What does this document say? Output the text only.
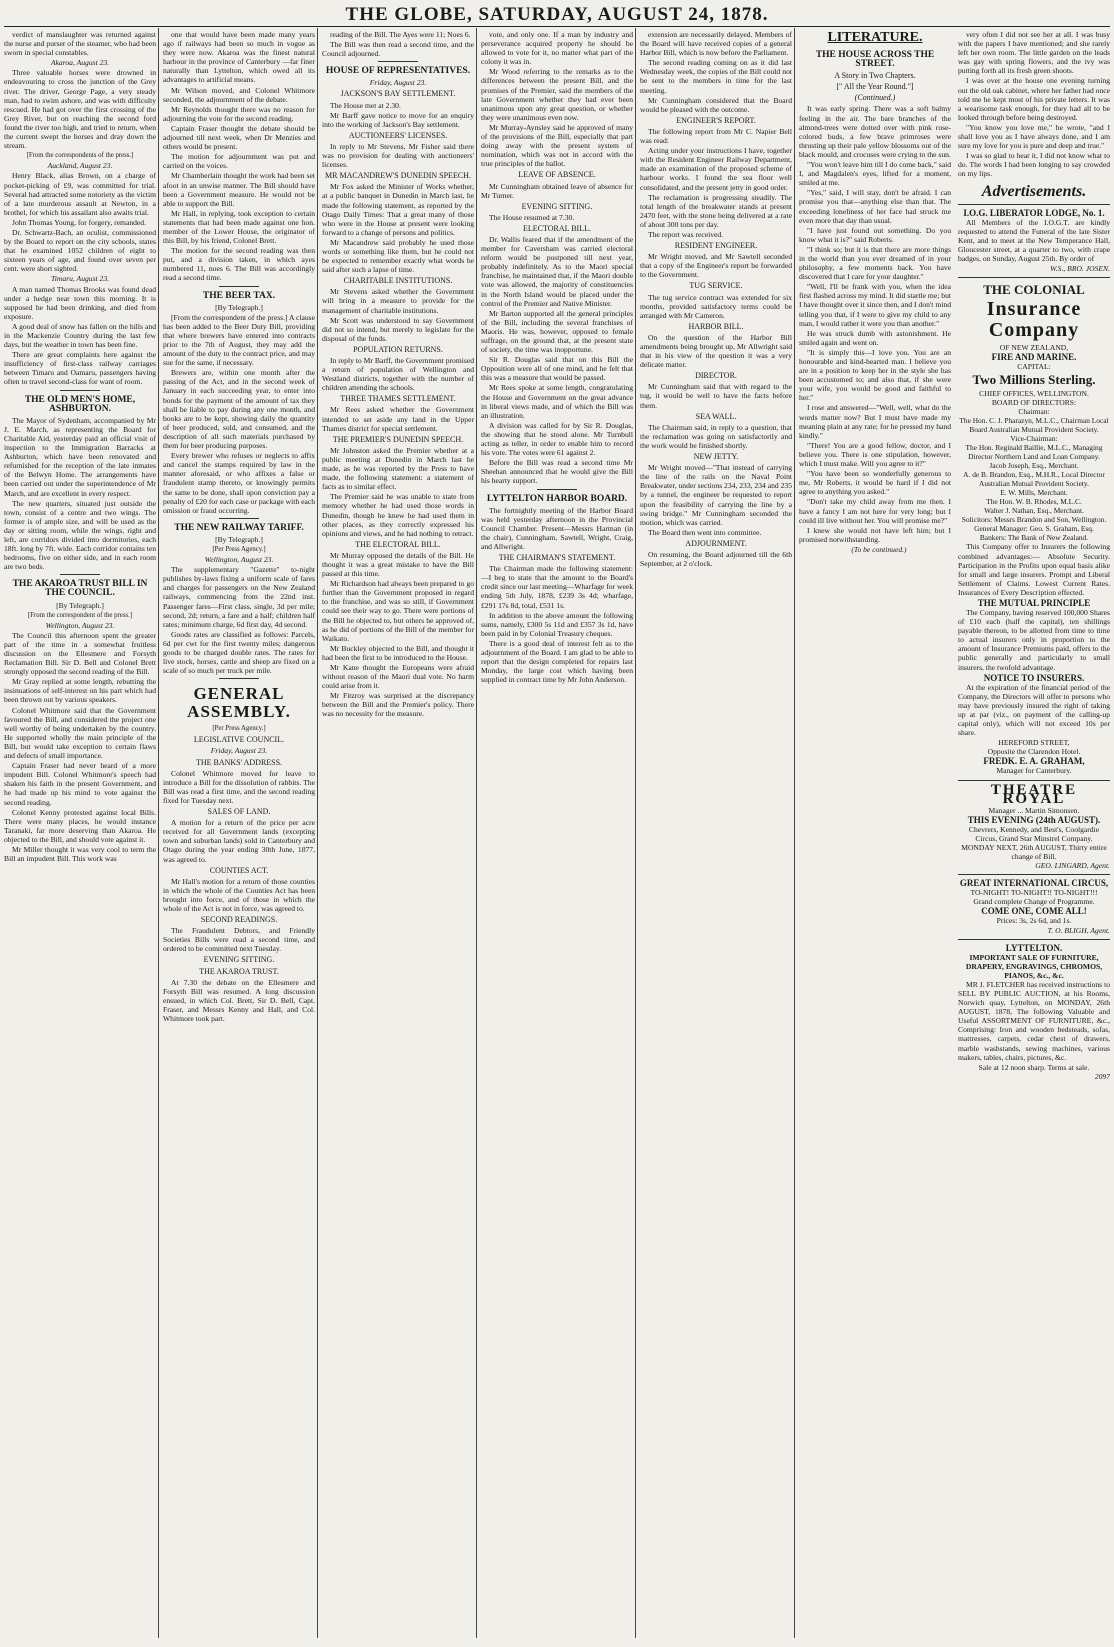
THE GLOBE, SATURDAY, AUGUST 24, 1878.

verdict of manslaughter was returned against the nurse and purser of the steamer, who had been sworn in special constables.

Akaroa, August 23.

Three valuable horses were drowned in endeavouring to cross the junction of the Grey river. The driver, George Page, a very steady man, had to swim ashore, and was with difficulty rescued. He had got over the first crossing of the Grey River, but on reaching the second ford found the river too high, and tried to return, when the current swept the horses and dray down the stream.

[From the correspondents of the press.]

Auckland, August 23.

Henry Black, alias Brown, on a charge of pocket-picking of £9, was committed for trial. Several had attracted some notoriety as the victim of a late murderous assault at Newton, in a brothel, for which his assailant also awaits trial.

John Thomas Young, for forgery, remanded.

Dr. Schwartz-Bach, an oculist, commissioned by the Board to report on the city schools, states that he examined 1052 children of eight to sixteen years of age, and found over seven per cent. were short sighted.

Timaru, August 23.

A man named Thomas Brooks was found dead under a hedge near town this morning. It is supposed he had been drinking, and died from exposure.

A good deal of snow has fallen on the hills and in the Mackenzie Country during the last few days, but the weather in town has been fine.

There are great complaints here against the insufficiency of first-class railway carriages between Timaru and Oamaru, passengers having often to travel second-class for want of room.

THE OLD MEN'S HOME, ASHBURTON.

The Mayor of Sydenham, accompanied by Mr J. E. March, as representing the Board for Charitable Aid, yesterday paid an official visit of inspection to the Immigration Barracks at Ashburton, which have been renovated and refurnished for the reception of the late inmates of the Belwyn Home. The arrangements have been carried out under the superintendence of Mr March, and are excellent in every respect.

The new quarters, situated just outside the town, consist of a centre and two wings. The former is of ample size, and will be used as the day or sitting room, while the wings, right and left, are corridors divided into dormitories, each 18ft. long by 7ft. wide. Each corridor contains ten bedrooms, five on either side, and in each room are two beds.

THE AKAROA TRUST BILL IN THE COUNCIL.

[By Telegraph.]

[From the correspondent of the press.]

Wellington, August 23.

The Council this afternoon spent the greater part of the time in a somewhat fruitless discussion on the Ellesmere and Forsyth Reclamation Bill. Sir D. Bell and Colonel Brett strongly opposed the second reading of the Bill.

Mr Gray replied at some length, rebutting the insinuations of self-interest on his part which had been thrown out by various speakers.

Colonel Whitmore said that the Government favoured the Bill, and considered the project one well worthy of being undertaken by the country. He supported wholly the main principle of the Bill, but would take exception to certain flaws and defects of small importance.

Captain Fraser had never heard of a more impudent Bill. Colonel Whitmore's speech had shaken his faith in the present Government, and he had made up his mind to vote against the second reading.

Colonel Kenny protested against local Bills. There were many places, he would instance Taranaki, far more deserving than Akaroa. He objected to the Bill, and should vote against it.

Mr Miller thought it was very cool to term the Bill an impudent Bill. This work was

one that would have been made many years ago if railways had been so much in vogue as they were now. Akaroa was the finest natural harbour in the province of Canterbury —far finer naturally than Lyttelton, which owed all its advantages to artificial means.

Mr Wilson moved, and Colonel Whitmore seconded, the adjournment of the debate.

Mr Reynolds thought there was no reason for adjourning the vote for the second reading.

Captain Fraser thought the debate should be adjourned till next week, when Dr Menzies and others would be present.

The motion for adjournment was put and carried on the voices.

Mr Chamberlain thought the work had been set afoot in an unwise manner. The Bill should have been a Government measure. He would not be able to support the Bill.

Mr Hall, in replying, took exception to certain statements that had been made against one hon. member of the Lower House, the originator of this Bill, by his friend, Colonel Brett.

The motion for the second reading was then put, and a division taken, in which ayes numbered 11, noes 6. The Bill was accordingly read a second time.

THE BEER TAX.

[By Telegraph.]

[From the correspondent of the press.] A clause has been added to the Beer Duty Bill, providing that where brewers have entered into contracts prior to the 7th of August, they may add the amount of the duty to the contract price, and may sue for the same, if necessary.

Brewers are, within one month after the passing of the Act, and in the second week of January in each succeeding year, to enter into bonds for the payment of the amount of tax they shall be liable to pay during any one month, and books are to be kept, showing daily the quantity of beer produced, sold, and consumed, and the description of all such materials purchased by them for beer producing purposes.

Every brewer who refuses or neglects to affix and cancel the stamps required by law in the manner aforesaid, or who affixes a false or fraudulent stamp thereto, or knowingly permits the same to be done, shall upon conviction pay a penalty of £20 for each case or package with each omission or fraud occurring.

THE NEW RAILWAY TARIFF.

[By Telegraph.]

[Per Press Agency.]

Wellington, August 23.

The supplementary "Gazette" to-night publishes by-laws fixing a uniform scale of fares and charges for passengers on the New Zealand railways, commencing from the 22nd inst. Passenger fares—First class, single, 3d per mile; second, 2d; return, a fare and a half; children half rates; minimum charge, 6d first day, 4d second.

Goods rates are classified as follows: Parcels, 6d per cwt for the first twenty miles; dangerous goods to be charged double rates. The rates for live stock, horses, cattle and sheep are fixed on a scale of so much per truck per mile.

GENERAL ASSEMBLY.

[Per Press Agency.]

LEGISLATIVE COUNCIL.

Friday, August 23.

THE BANKS' ADDRESS.

Colonel Whitmore moved for leave to introduce a Bill for the dissolution of rabbits. The Bill was read a first time, and the second reading fixed for Tuesday next.

SALES OF LAND.

A motion for a return of the price per acre received for all Government lands (excepting town and suburban lands) sold in Canterbury and Otago during the year ending 30th June, 1877, was agreed to.

COUNTIES ACT.

Mr Hall's motion for a return of those counties in which the whole of the Counties Act has been brought into force, and of those in which the whole of the Act is not in force, was agreed to.

SECOND READINGS.

The Fraudulent Debtors, and Friendly Societies Bills were read a second time, and ordered to be committed next Tuesday.

EVENING SITTING.
THE AKAROA TRUST.

At 7.30 the debate on the Ellesmere and Forsyth Bill was resumed. A long discussion ensued, in which Col. Brett, Sir D. Bell, Capt. Fraser, and Messrs Kenny and Hall, and Col. Whitmore took part.

reading of the Bill. The Ayes were 11; Noes 6.

The Bill was then read a second time, and the Council adjourned.

HOUSE OF REPRESENTATIVES.

Friday, August 23.

JACKSON'S BAY SETTLEMENT.

The House met at 2.30.

Mr Barff gave notice to move for an enquiry into the working of Jackson's Bay settlement.

AUCTIONEERS' LICENSES.

In reply to Mr Stevens, Mr Fisher said there was no provision for dealing with auctioneers' licenses.

MR MACANDREW'S DUNEDIN SPEECH.

Mr Fox asked the Minister of Works whether, at a public banquet in Dunedin in March last, he made the following statement, as reported by the Otago Daily Times: That a great many of those who were in the House at present were looking forward to a change of persons and politics.

Mr Macandrew said probably he used those words or something like them, but he could not be expected to remember exactly what words he said after such a lapse of time.

CHARITABLE INSTITUTIONS.

Mr Stevens asked whether the Government will bring in a measure to provide for the management of charitable institutions.

Mr Scott was understood to say Government did not so intend, but merely to legislate for the disposal of the funds.

POPULATION RETURNS.

In reply to Mr Barff, the Government promised a return of population of Wellington and Westland districts, together with the number of children attending the schools.

THREE THAMES SETTLEMENT.

Mr Rees asked whether the Government intended to set aside any land in the Upper Thames district for special settlement.

THE PREMIER'S DUNEDIN SPEECH.

Mr Johnston asked the Premier whether at a public meeting at Dunedin in March last he made, as he was reported by the Press to have made, the following statement: a statement of facts as to similar effect.

The Premier said he was unable to state from memory whether he had used those words in Dunedin, though he knew he had used them in other places, as they correctly expressed his opinions and views, and he had nothing to retract.

THE ELECTORAL BILL.

Mr Murray opposed the details of the Bill. He thought it was a great mistake to have the Bill passed at this time.

Mr Richardson had always been prepared to go further than the Government proposed in regard to the franchise, and was so still, if Government could see their way to go. There were portions of the Bill he objected to, but others he approved of, as he did of portions of the Bill of the member for Waikato.

Mr Buckley objected to the Bill, and thought it had been the first to be introduced to the House.

Mr Kane thought the Europeans were afraid without reason of the Maori dual vote. No harm could arise from it.

Mr Fitzroy was surprised at the discrepancy between the Bill and the Premier's policy. There was no necessity for the measure.

vote, and only one. If a man by industry and perseverance acquired property he should be allowed to vote for it, no matter what part of the colony it was in.

Mr Wood referring to the remarks as to the differences between the present Bill, and the promises of the Premier, said the members of the late Government whether they had ever been unanimous upon any great question, or whether they were unanimous even now.

Mr Murray-Aynsley said he approved of many of the provisions of the Bill, especially that part doing away with the present system of nomination, which was not in accord with the true principles of the ballot.

LEAVE OF ABSENCE.

Mr Cunningham obtained leave of absence for Mr Turner.

EVENING SITTING.

The House resumed at 7.30.

ELECTORAL BILL.

Dr. Wallis feared that if the amendment of the member for Caversham was carried electoral reform would be postponed till next year, probably indefinitely. As to the Maori special franchise, he maintained that, if the Maori double vote was allowed, the majority of constituencies in the North Island would be placed under the control of the Premier and Native Minister.

Mr Barton supported all the general principles of the Bill, including the several franchises of Maoris. He was, however, opposed to female suffrage, on the ground that, at the present state of society, the time was inopportune.

Sir R. Douglas said that on this Bill the Opposition were all of one mind, and he felt that this was a measure that would be passed.

Mr Rees spoke at some length, congratulating the House and Government on the great advance in liberal views made, and of which the Bill was an illustration.

A division was called for by Sir R. Douglas, the showing that he stood alone. Mr Turnbull acting as teller, in order to enable him to record his vote. The votes were 61 against 2.

Before the Bill was read a second time Mr Sheehan announced that he would give the Bill his hearty support.

LYTTELTON HARBOR BOARD.

The fortnightly meeting of the Harbor Board was held yesterday afternoon in the Provincial Council Chamber. Present—Messrs Harman (in the chair), Cunningham, Sawtell, Wright, Craig, and Allwright.

THE CHAIRMAN'S STATEMENT.

The Chairman made the following statement:—I beg to state that the amount to the Board's credit since our last meeting—Wharfage for week ending 5th July, 1878, £239 3s 4d; wharfage, £291 17s 8d, total, £531 1s.

In addition to the above amount the following sums, namely, £300 5s 11d and £357 3s 1d, have been paid in by Colonial Treasury cheques.

There is a good deal of interest felt as to the adjournment of the Board. I am glad to be able to report that the design completed for repairs last Monday, the large cost which having been supplied in contract time by Mr John Anderson.

extension are necessarily delayed. Members of the Board will have received copies of a general Harbor Bill, which is now before the Parliament.

The second reading coming on as it did last Wednesday week, the copies of the Bill could not be sent to the members in time for the last meeting.

Mr Cunningham considered that the Board would be pleased with the outcome.

ENGINEER'S REPORT.

The following report from Mr C. Napier Bell was read:

Acting under your instructions I have, together with the Resident Engineer Railway Department, made an examination of the proposed scheme of harbour works. I found the sea floor well consolidated, and the present jetty in good order.

The reclamation is progressing steadily. The total length of the breakwater stands at present 2470 feet, with the stone being delivered at a rate of about 300 tons per day.

The report was received.

RESIDENT ENGINEER.

Mr Wright moved, and Mr Sawtell seconded that a copy of the Engineer's report be forwarded to the Government.

TUG SERVICE.

The tug service contract was extended for six months, provided satisfactory terms could be arranged with Mr Cameron.

HARBOR BILL.

On the question of the Harbor Bill amendments being brought up, Mr Allwright said that in his view of the question it was a very delicate matter.

DIRECTOR.

Mr Cunningham said that with regard to the tug, it would be well to have the facts before them.

SEA WALL.

The Chairman said, in reply to a question, that the reclamation was going on satisfactorily and the work would be finished shortly.

NEW JETTY.

Mr Wright moved—"That instead of carrying the line of the rails on the Naval Point Breakwater, under sections 234, 233, 234 and 235 by a tunnel, the engineer be requested to report upon the feasibility of carrying the line by a swing bridge." Mr Cunningham seconded the motion, which was carried.

The Board then went into committee.

ADJOURNMENT.

On resuming, the Board adjourned till the 6th September, at 2 o'clock.

LITERATURE.
THE HOUSE ACROSS THE STREET.
A Story in Two Chapters.
[" All the Year Round."]
(Continued.)

It was early spring. There was a soft balmy feeling in the air. The bare branches of the almond-trees were dotted over with pink rose-colored buds, a few brave primroses were thrusting up their pale yellow blossoms out of the black mould, and crocuses were crying to the sun.

"You won't leave him till I do come back," said I, and Magdalen's eyes, lifted for a moment, smiled at me.

"Yes," said, I will stay, don't be afraid. I can promise you that—anything else than that. The exceeding loneliness of her face had struck me even more that day than usual.

"I have just found out something. Do you know what it is?" said Roberts.

"I think so; but it is that there are more things in the world than you ever dreamed of in your philosophy, a few moments back. You have discovered that I care for your daughter."

"Well, I'll be frank with you, when the idea first flashed across my mind. It did startle me; but I have thought over it since then, and I don't mind telling you that, if I were to give my child to any man, I would rather it were you than another."

He was struck dumb with astonishment. He smiled again and went on.

"It is simply this—I love you. You are an honourable and kind-hearted man. I believe you are in a position to keep her in the style she has been accustomed to; and also that, if she were your wife, you would be good and faithful to her."

I rose and answered—"Well, well, what do the words matter now? But I must have made my meaning plain at any rate; for he pressed my hand kindly."

"There! You are a good fellow, doctor, and I believe you. There is one stipulation, however, which I must make. Will you agree to it?"

"You have been so wonderfully generous to me, Mr Roberts, it would be hard if I did not agree to anything you asked."

"Don't take my child away from me then. I have a fancy I am not here for very long; but I could ill live without her. You will promise me?"

I knew she would not have left him; but I promised notwithstanding.

(To be continued.)

very often I did not see her at all. I was busy with the papers I have mentioned; and she rarely left her own room. The little garden on the leads was gay with spring flowers, and the ivy was putting forth all its fresh green shoots.

I was over at the house one evening turning out the old oak cabinet, where her father had once told me he kept most of his private letters. It was a wearisome task enough, for they had all to be looked through before being destroyed.

"You know you love me," he wrote, "and I shall love you as I have always done, and I am sure my love for you is pure and deep and true."

I was so glad to hear it, I did not know what to do. The words I had been longing to say crowded on my lips.

Advertisements.
I.O.G. LIBERATOR LODGE, No. 1.

All Members of the I.O.G.T. are kindly requested to attend the Funeral of the late Sister Kent, and to meet at the New Temperance Hall, Gloucester street, at a quarter to two, with crape badges, on Sunday, August 25th. By order of

W.S., BRO. JOSEN.

THE COLONIAL
Insurance Company
OF NEW ZEALAND,
FIRE AND MARINE.
CAPITAL:
Two Millions Sterling.
CHIEF OFFICES, WELLINGTON.
BOARD OF DIRECTORS:
Chairman:
The Hon. C. J. Pharazyn, M.L.C., Chairman Local Board Australian Mutual Provident Society.
Vice-Chairman:
The Hon. Reginald Baillie, M.L.C., Managing Director Northern Land and Loan Company.
Jacob Joseph, Esq., Merchant.
A. de B. Brandon, Esq., M.H.R., Local Director Australian Mutual Provident Society.
E. W. Mills, Merchant.
The Hon. W. B. Rhodes, M.L.C.
Walter J. Nathan, Esq., Merchant.
Solicitors: Messrs Brandon and Son, Wellington.
General Manager: Geo. S. Graham, Esq.
Bankers: The Bank of New Zealand.

This Company offer to Insurers the following combined advantages:— Absolute Security. Participation in the Profits upon equal basis alike for small and large insurers. Prompt and Liberal Settlement of Claims. Lowest Current Rates. Insurances of Every Description effected.

THE MUTUAL PRINCIPLE

The Company, having reserved 100,000 Shares of £10 each (half the capital), ten shillings payable thereon, to be allotted from time to time to actual insurers only in proportion to the amount of Insurance Premiums paid, offers to the public generally and particularly to small insurers, the twofold advantage.

NOTICE TO INSURERS.

At the expiration of the financial period of the Company, the Directors will offer to persons who may have previously insured the right of taking up at par (viz., on payment of the calling-up capital only), which will not exceed 10s per share.

HEREFORD STREET,
Opposite the Clarendon Hotel.
FREDK. E. A. GRAHAM,
Manager for Canterbury.
THEATRE ROYAL
Manager ... Martin Simonsen.
THIS EVENING (24th AUGUST).
Chevrers, Kennedy, and Best's, Coolgardie Circus, Grand Star Minstrel Company.
MONDAY NEXT, 26th AUGUST, Thirty entire change of Bill.

GEO. LINGARD, Agent.

GREAT INTERNATIONAL CIRCUS,
TO-NIGHT! TO-NIGHT!! TO-NIGHT!!!
Grand complete Change of Programme.
COME ONE, COME ALL!
Prices: 3s, 2s 6d, and 1s.

T. O. BLIGH, Agent.

LYTTELTON.
IMPORTANT SALE OF FURNITURE, DRAPERY, ENGRAVINGS, CHROMOS, PIANOS, &c., &c.

MR J. FLETCHER has received instructions to SELL BY PUBLIC AUCTION, at his Rooms, Norwich quay, Lyttelton, on MONDAY, 26th AUGUST, 1878, The following Valuable and Useful ASSORTMENT OF FURNITURE, &c., Comprising: Iron and wooden bedsteads, sofas, mattresses, carpets, cedar chest of drawers, marble washstands, sewing machines, various makers, tables, chairs, pictures, &c.

Sale at 12 noon sharp. Terms at sale.

2097
